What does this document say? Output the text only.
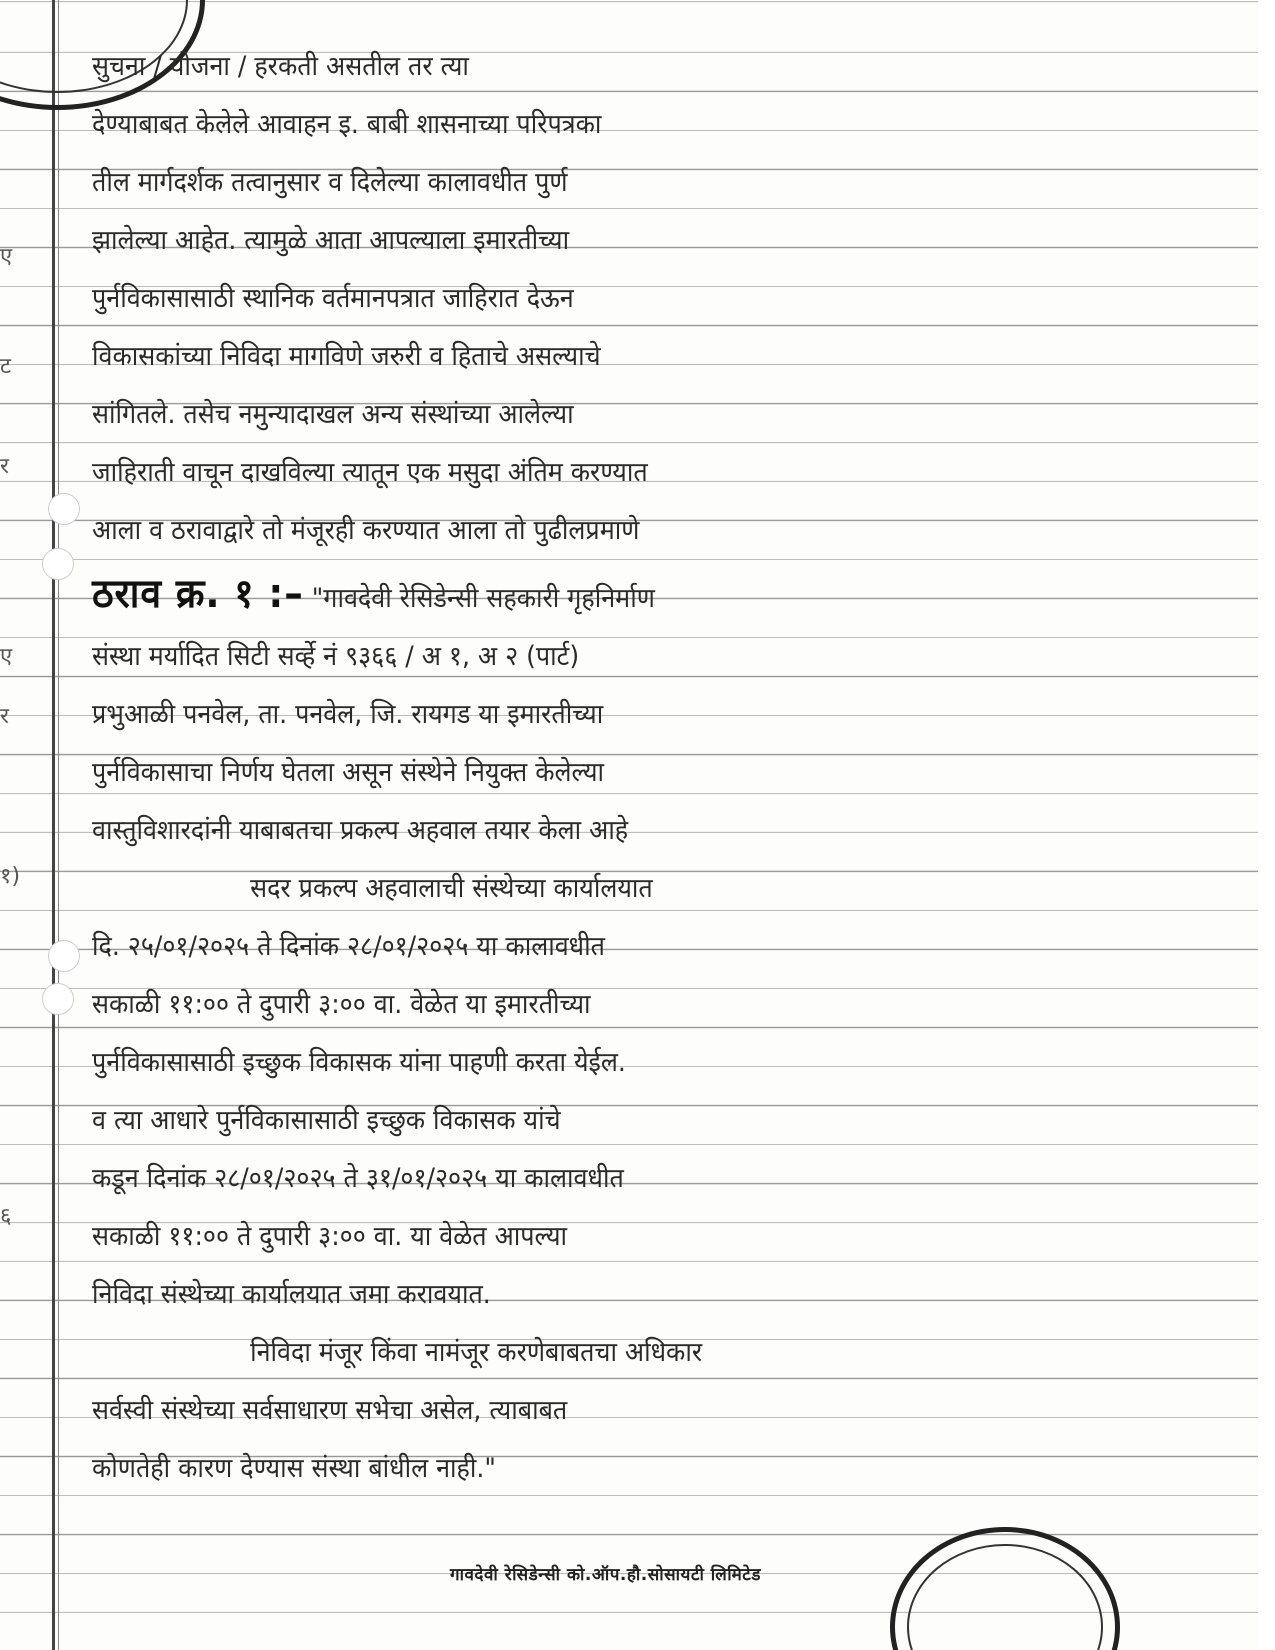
ए
ट
र
ए
र
१)
६
सुचना / योजना / हरकती असतील तर त्या
देण्याबाबत केलेले आवाहन इ. बाबी शासनाच्या परिपत्रका
तील मार्गदर्शक तत्वानुसार व दिलेल्या कालावधीत पुर्ण
झालेल्या आहेत. त्यामुळे आता आपल्याला इमारतीच्या
पुर्नविकासासाठी स्थानिक वर्तमानपत्रात जाहिरात देऊन
विकासकांच्या निविदा मागविणे जरुरी व हिताचे असल्याचे
सांगितले. तसेच नमुन्यादाखल अन्य संस्थांच्या आलेल्या
जाहिराती वाचून दाखविल्या त्यातून एक मसुदा अंतिम करण्यात
आला व ठरावाद्वारे तो मंजूरही करण्यात आला तो पुढीलप्रमाणे
ठराव क्र. १ :– "गावदेवी रेसिडेन्सी सहकारी गृहनिर्माण
संस्था मर्यादित सिटी सर्व्हे नं ९३६६ / अ १, अ २ (पार्ट)
प्रभुआळी पनवेल, ता. पनवेल, जि. रायगड या इमारतीच्या
पुर्नविकासाचा निर्णय घेतला असून संस्थेने नियुक्त केलेल्या
वास्तुविशारदांनी याबाबतचा प्रकल्प अहवाल तयार केला आहे
सदर प्रकल्प अहवालाची संस्थेच्या कार्यालयात
दि. २५/०१/२०२५ ते दिनांक २८/०१/२०२५ या कालावधीत
सकाळी ११:०० ते दुपारी ३:०० वा. वेळेत या इमारतीच्या
पुर्नविकासासाठी इच्छुक विकासक यांना पाहणी करता येईल.
व त्या आधारे पुर्नविकासासाठी इच्छुक विकासक यांचे
कडून दिनांक २८/०१/२०२५ ते ३१/०१/२०२५ या कालावधीत
सकाळी ११:०० ते दुपारी ३:०० वा. या वेळेत आपल्या
निविदा संस्थेच्या कार्यालयात जमा करावयात.
निविदा मंजूर किंवा नामंजूर करणेबाबतचा अधिकार
सर्वस्वी संस्थेच्या सर्वसाधारण सभेचा असेल, त्याबाबत
कोणतेही कारण देण्यास संस्था बांधील नाही."
गावदेवी रेसिडेन्सी को.ऑप.हौ.सोसायटी लिमिटेड
